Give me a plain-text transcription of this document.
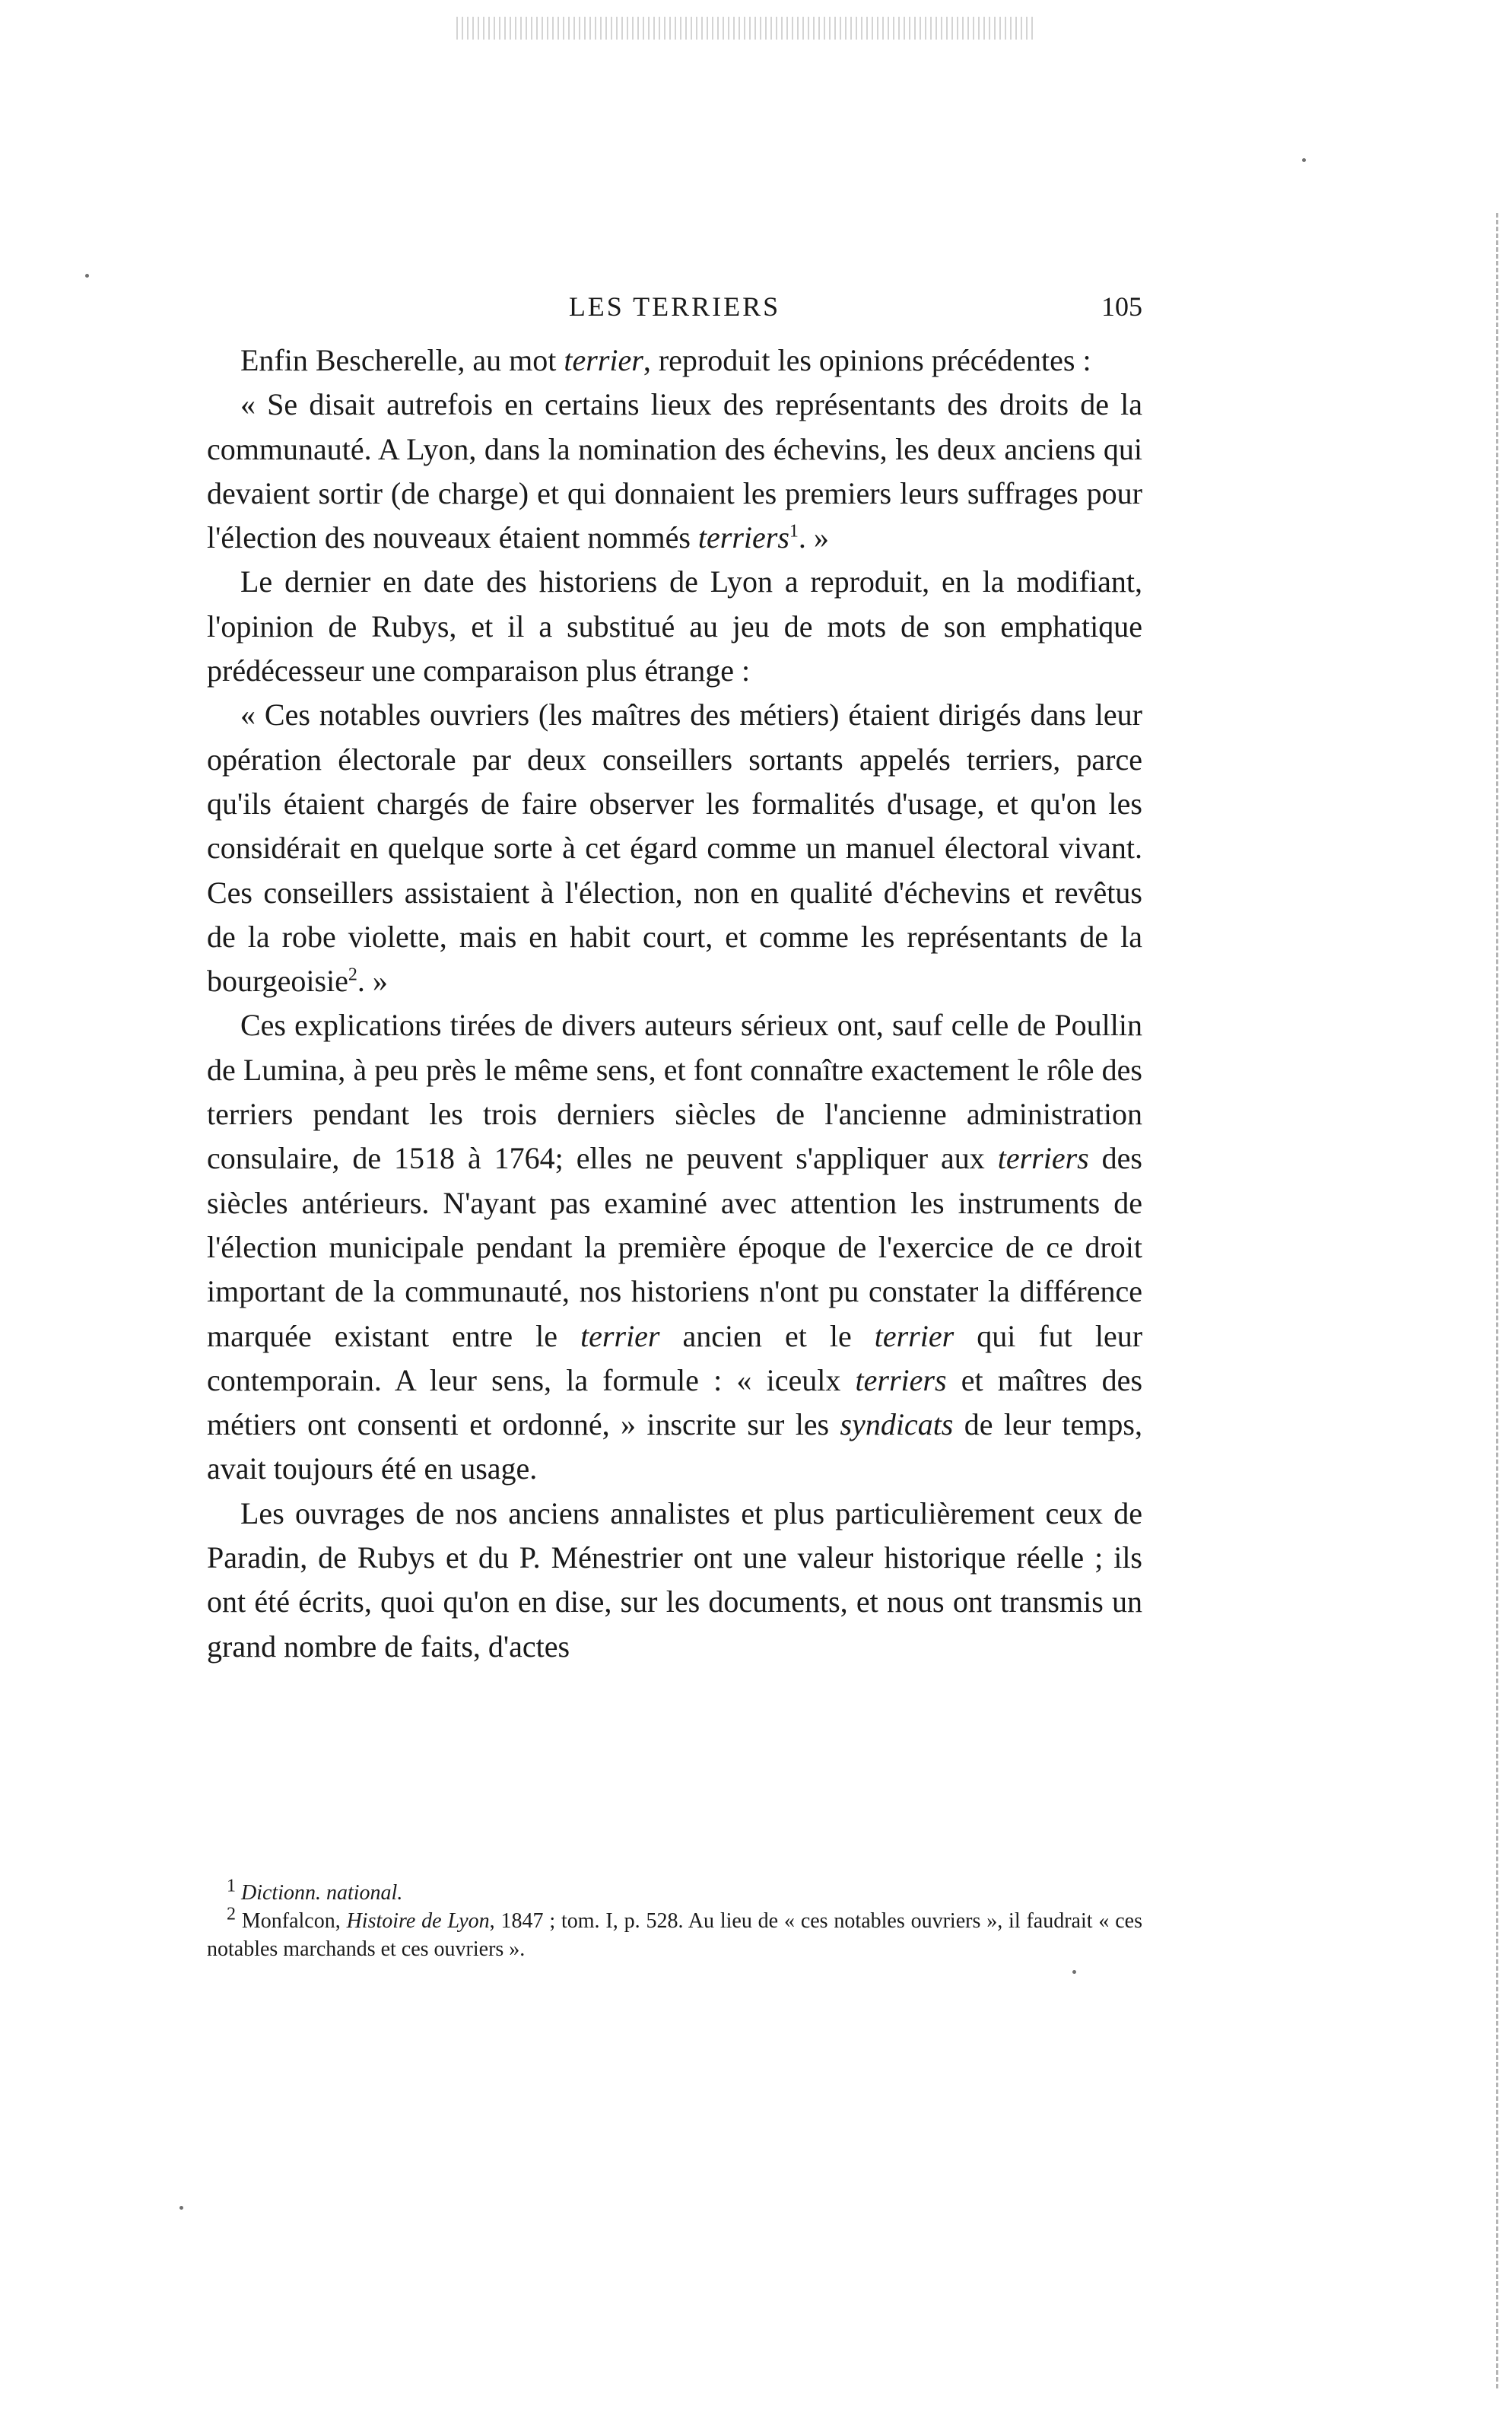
LES TERRIERS	105

Enfin Bescherelle, au mot terrier, reproduit les opinions précédentes :

« Se disait autrefois en certains lieux des représentants des droits de la communauté. A Lyon, dans la nomination des échevins, les deux anciens qui devaient sortir (de charge) et qui donnaient les premiers leurs suffrages pour l'élection des nouveaux étaient nommés terriers$^1$. »

Le dernier en date des historiens de Lyon a reproduit, en la modifiant, l'opinion de Rubys, et il a substitué au jeu de mots de son emphatique prédécesseur une comparaison plus étrange :

« Ces notables ouvriers (les maîtres des métiers) étaient dirigés dans leur opération électorale par deux conseillers sortants appelés terriers, parce qu'ils étaient chargés de faire observer les formalités d'usage, et qu'on les considérait en quelque sorte à cet égard comme un manuel électoral vivant. Ces conseillers assistaient à l'élection, non en qualité d'échevins et revêtus de la robe violette, mais en habit court, et comme les représentants de la bourgeoisie$^2$. »

Ces explications tirées de divers auteurs sérieux ont, sauf celle de Poullin de Lumina, à peu près le même sens, et font connaître exactement le rôle des terriers pendant les trois derniers siècles de l'ancienne administration consulaire, de 1518 à 1764; elles ne peuvent s'appliquer aux terriers des siècles antérieurs. N'ayant pas examiné avec attention les instruments de l'élection municipale pendant la première époque de l'exercice de ce droit important de la communauté, nos historiens n'ont pu constater la différence marquée existant entre le terrier ancien et le terrier qui fut leur contemporain. A leur sens, la formule : « iceulx terriers et maîtres des métiers ont consenti et ordonné, » inscrite sur les syndicats de leur temps, avait toujours été en usage.

Les ouvrages de nos anciens annalistes et plus particulièrement ceux de Paradin, de Rubys et du P. Ménestrier ont une valeur historique réelle ; ils ont été écrits, quoi qu'on en dise, sur les documents, et nous ont transmis un grand nombre de faits, d'actes

$^1$ Dictionn. national.

$^2$ Monfalcon, Histoire de Lyon, 1847 ; tom. I, p. 528. Au lieu de « ces notables ouvriers », il faudrait « ces notables marchands et ces ouvriers ».
